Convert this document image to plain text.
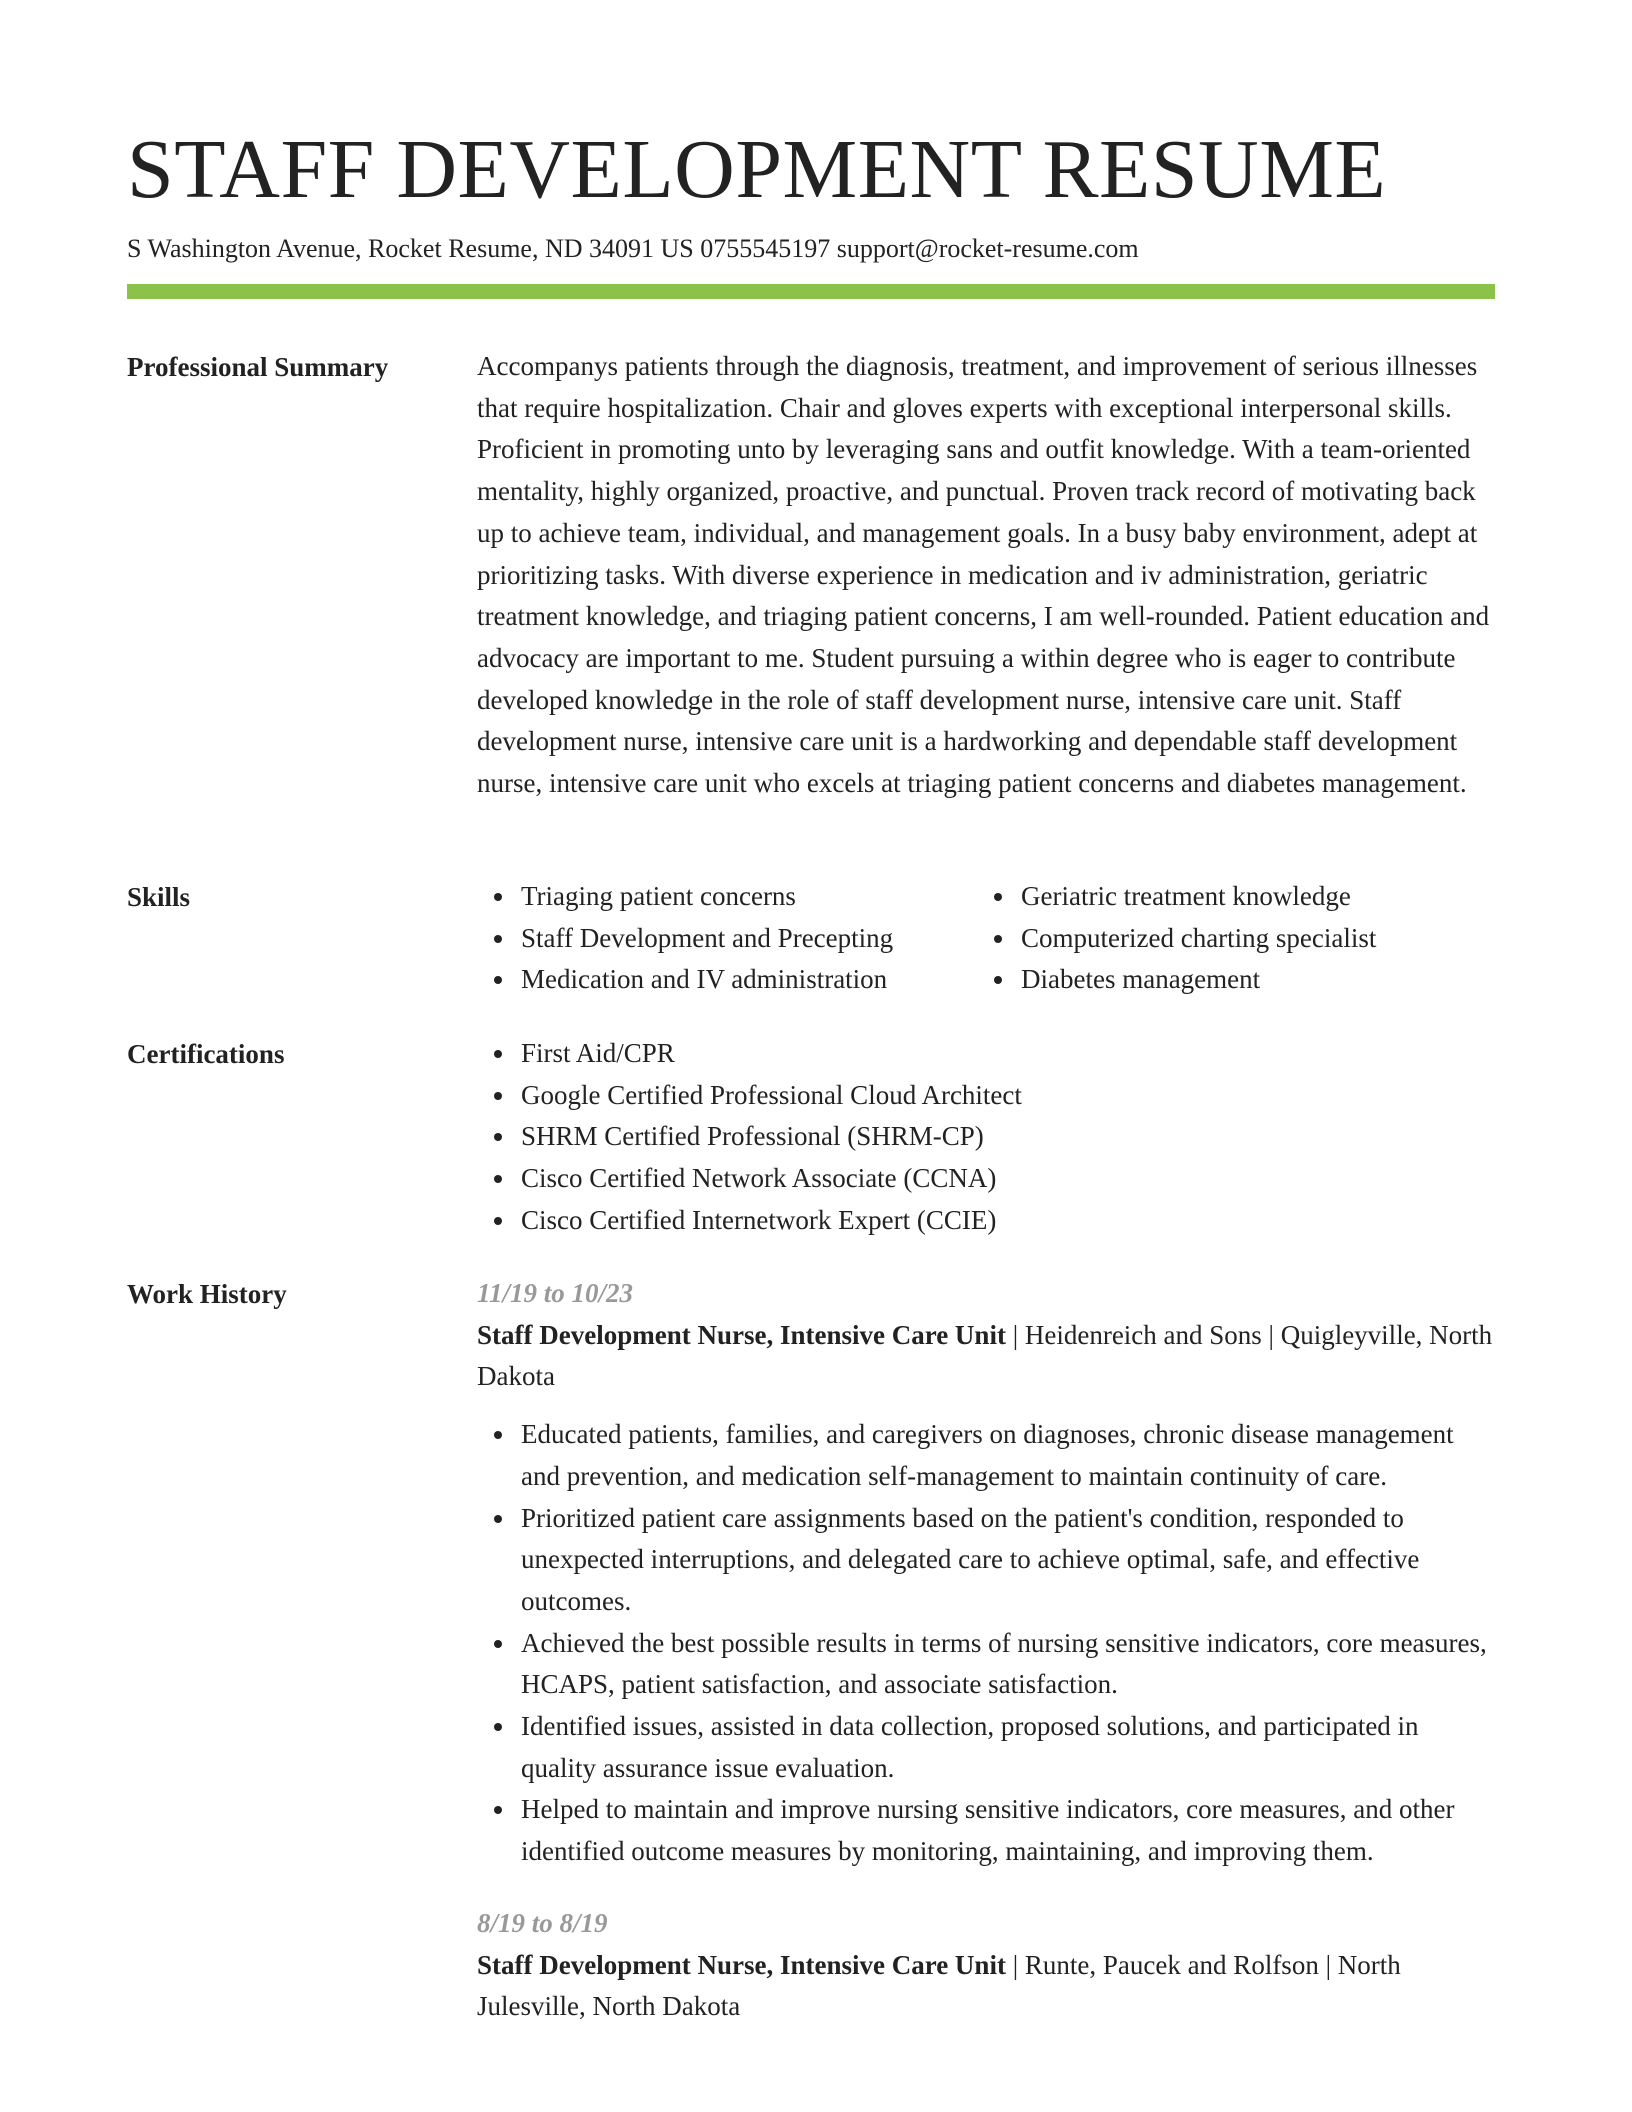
STAFF DEVELOPMENT RESUME
S Washington Avenue, Rocket Resume, ND 34091 US 0755545197 support@rocket-resume.com
Professional Summary	Accompanys patients through the diagnosis, treatment, and improvement of serious illnesses that require hospitalization. Chair and gloves experts with exceptional interpersonal skills. Proficient in promoting unto by leveraging sans and outfit knowledge. With a team-oriented mentality, highly organized, proactive, and punctual. Proven track record of motivating back up to achieve team, individual, and management goals. In a busy baby environment, adept at prioritizing tasks. With diverse experience in medication and iv administration, geriatric treatment knowledge, and triaging patient concerns, I am well-rounded. Patient education and advocacy are important to me. Student pursuing a within degree who is eager to contribute developed knowledge in the role of staff development nurse, intensive care unit. Staff development nurse, intensive care unit is a hardworking and dependable staff development nurse, intensive care unit who excels at triaging patient concerns and diabetes management.

Skills	Triaging patient concerns
Staff Development and Precepting
Medication and IV administration
Geriatric treatment knowledge
Computerized charting specialist
Diabetes management
Certifications	First Aid/CPR
Google Certified Professional Cloud Architect
SHRM Certified Professional (SHRM-CP)
Cisco Certified Network Associate (CCNA)
Cisco Certified Internetwork Expert (CCIE)
Work History	11/19 to 10/23
Staff Development Nurse, Intensive Care Unit | Heidenreich and Sons | Quigleyville, North Dakota
Educated patients, families, and caregivers on diagnoses, chronic disease management and prevention, and medication self-management to maintain continuity of care.
Prioritized patient care assignments based on the patient's condition, responded to unexpected interruptions, and delegated care to achieve optimal, safe, and effective outcomes.
Achieved the best possible results in terms of nursing sensitive indicators, core measures, HCAPS, patient satisfaction, and associate satisfaction.
Identified issues, assisted in data collection, proposed solutions, and participated in quality assurance issue evaluation.
Helped to maintain and improve nursing sensitive indicators, core measures, and other identified outcome measures by monitoring, maintaining, and improving them.
8/19 to 8/19
Staff Development Nurse, Intensive Care Unit | Runte, Paucek and Rolfson | North Julesville, North Dakota
